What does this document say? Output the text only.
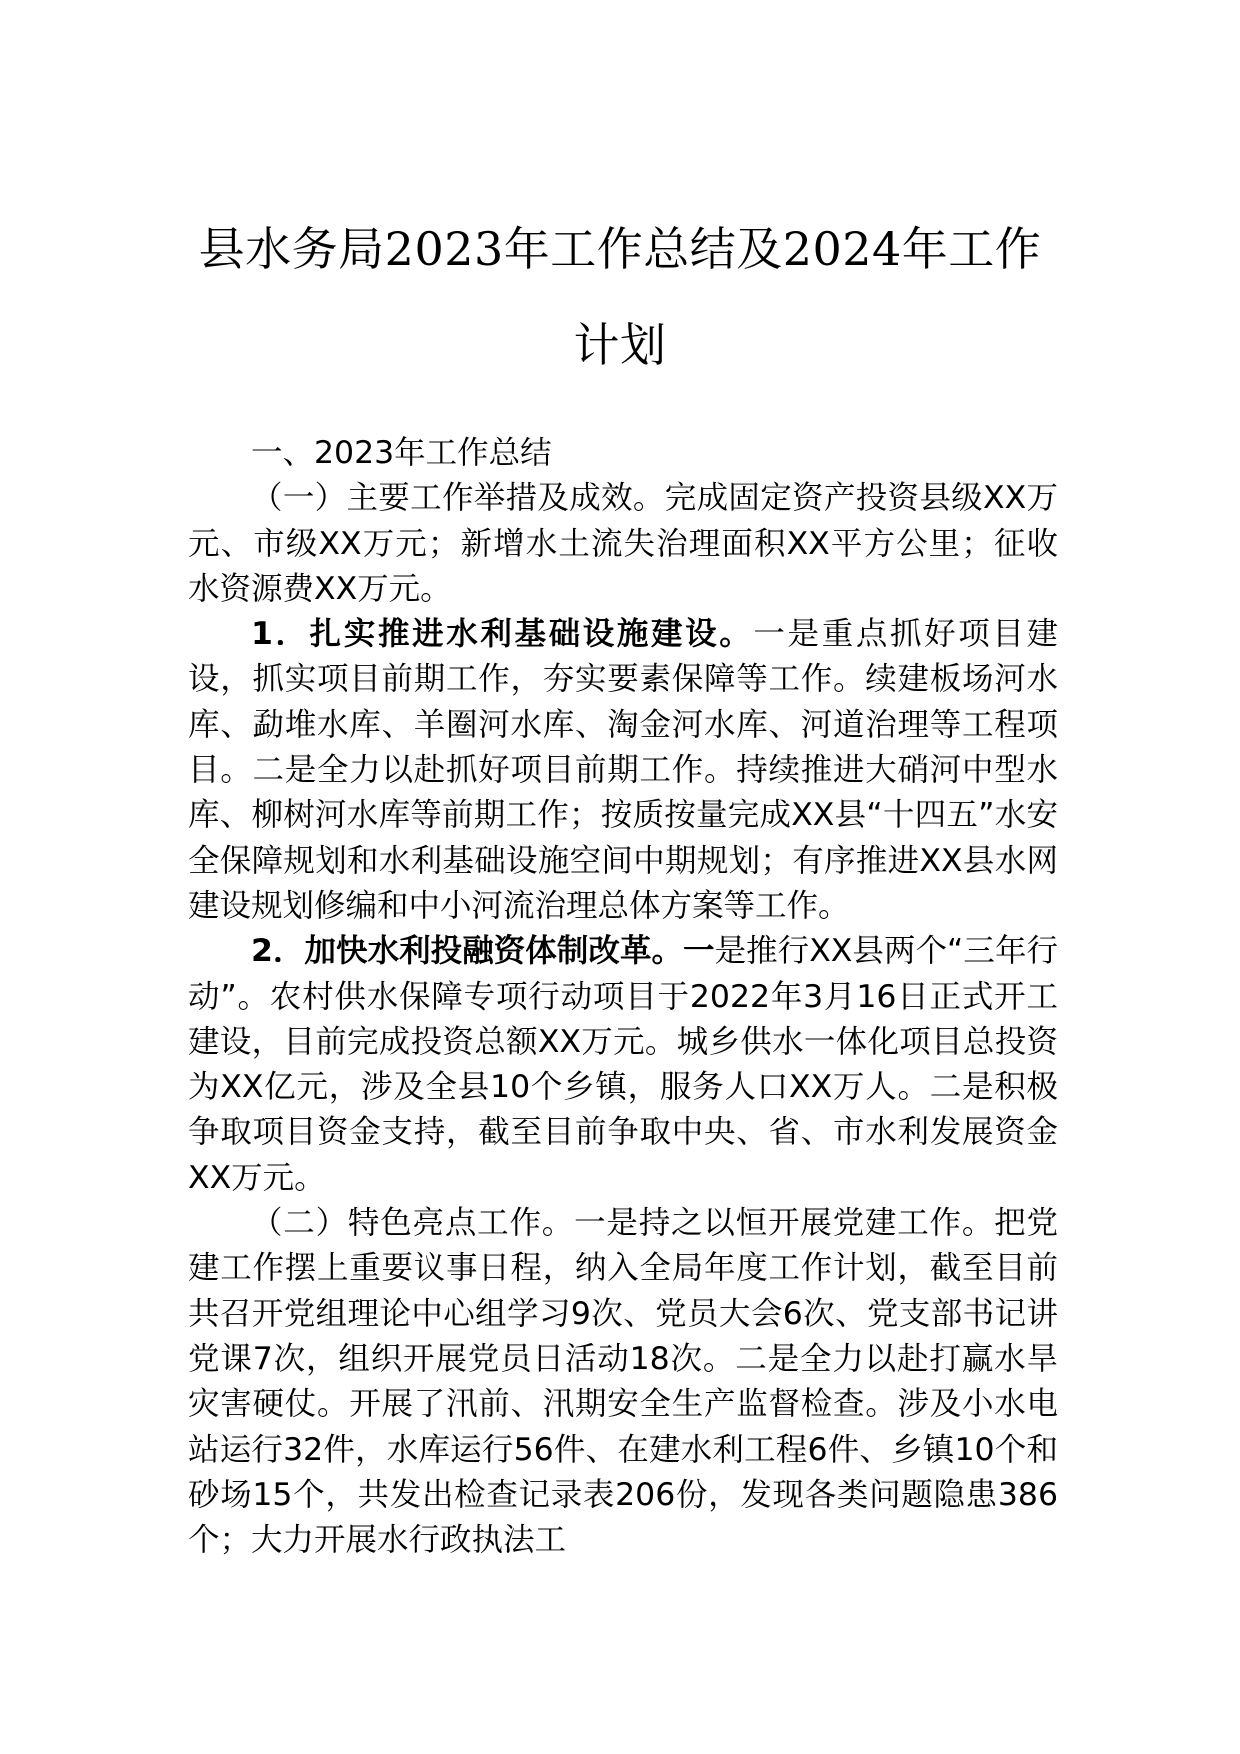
县水务局2023年工作总结及2024年工作计划

一、2023年工作总结

（一）主要工作举措及成效。完成固定资产投资县级XX万元、市级XX万元；新增水土流失治理面积XX平方公里；征收水资源费XX万元。

1．扎实推进水利基础设施建设。一是重点抓好项目建设，抓实项目前期工作，夯实要素保障等工作。续建板场河水库、勐堆水库、羊圈河水库、淘金河水库、河道治理等工程项目。二是全力以赴抓好项目前期工作。持续推进大硝河中型水库、柳树河水库等前期工作；按质按量完成XX县“十四五”水安全保障规划和水利基础设施空间中期规划；有序推进XX县水网建设规划修编和中小河流治理总体方案等工作。

2．加快水利投融资体制改革。一是推行XX县两个“三年行动”。农村供水保障专项行动项目于2022年3月16日正式开工建设，目前完成投资总额XX万元。城乡供水一体化项目总投资为XX亿元，涉及全县10个乡镇，服务人口XX万人。二是积极争取项目资金支持，截至目前争取中央、省、市水利发展资金XX万元。

（二）特色亮点工作。一是持之以恒开展党建工作。把党建工作摆上重要议事日程，纳入全局年度工作计划，截至目前共召开党组理论中心组学习9次、党员大会6次、党支部书记讲党课7次，组织开展党员日活动18次。二是全力以赴打赢水旱灾害硬仗。开展了汛前、汛期安全生产监督检查。涉及小水电站运行32件，水库运行56件、在建水利工程6件、乡镇10个和砂场15个，共发出检查记录表206份，发现各类问题隐患386个；大力开展水行政执法工
